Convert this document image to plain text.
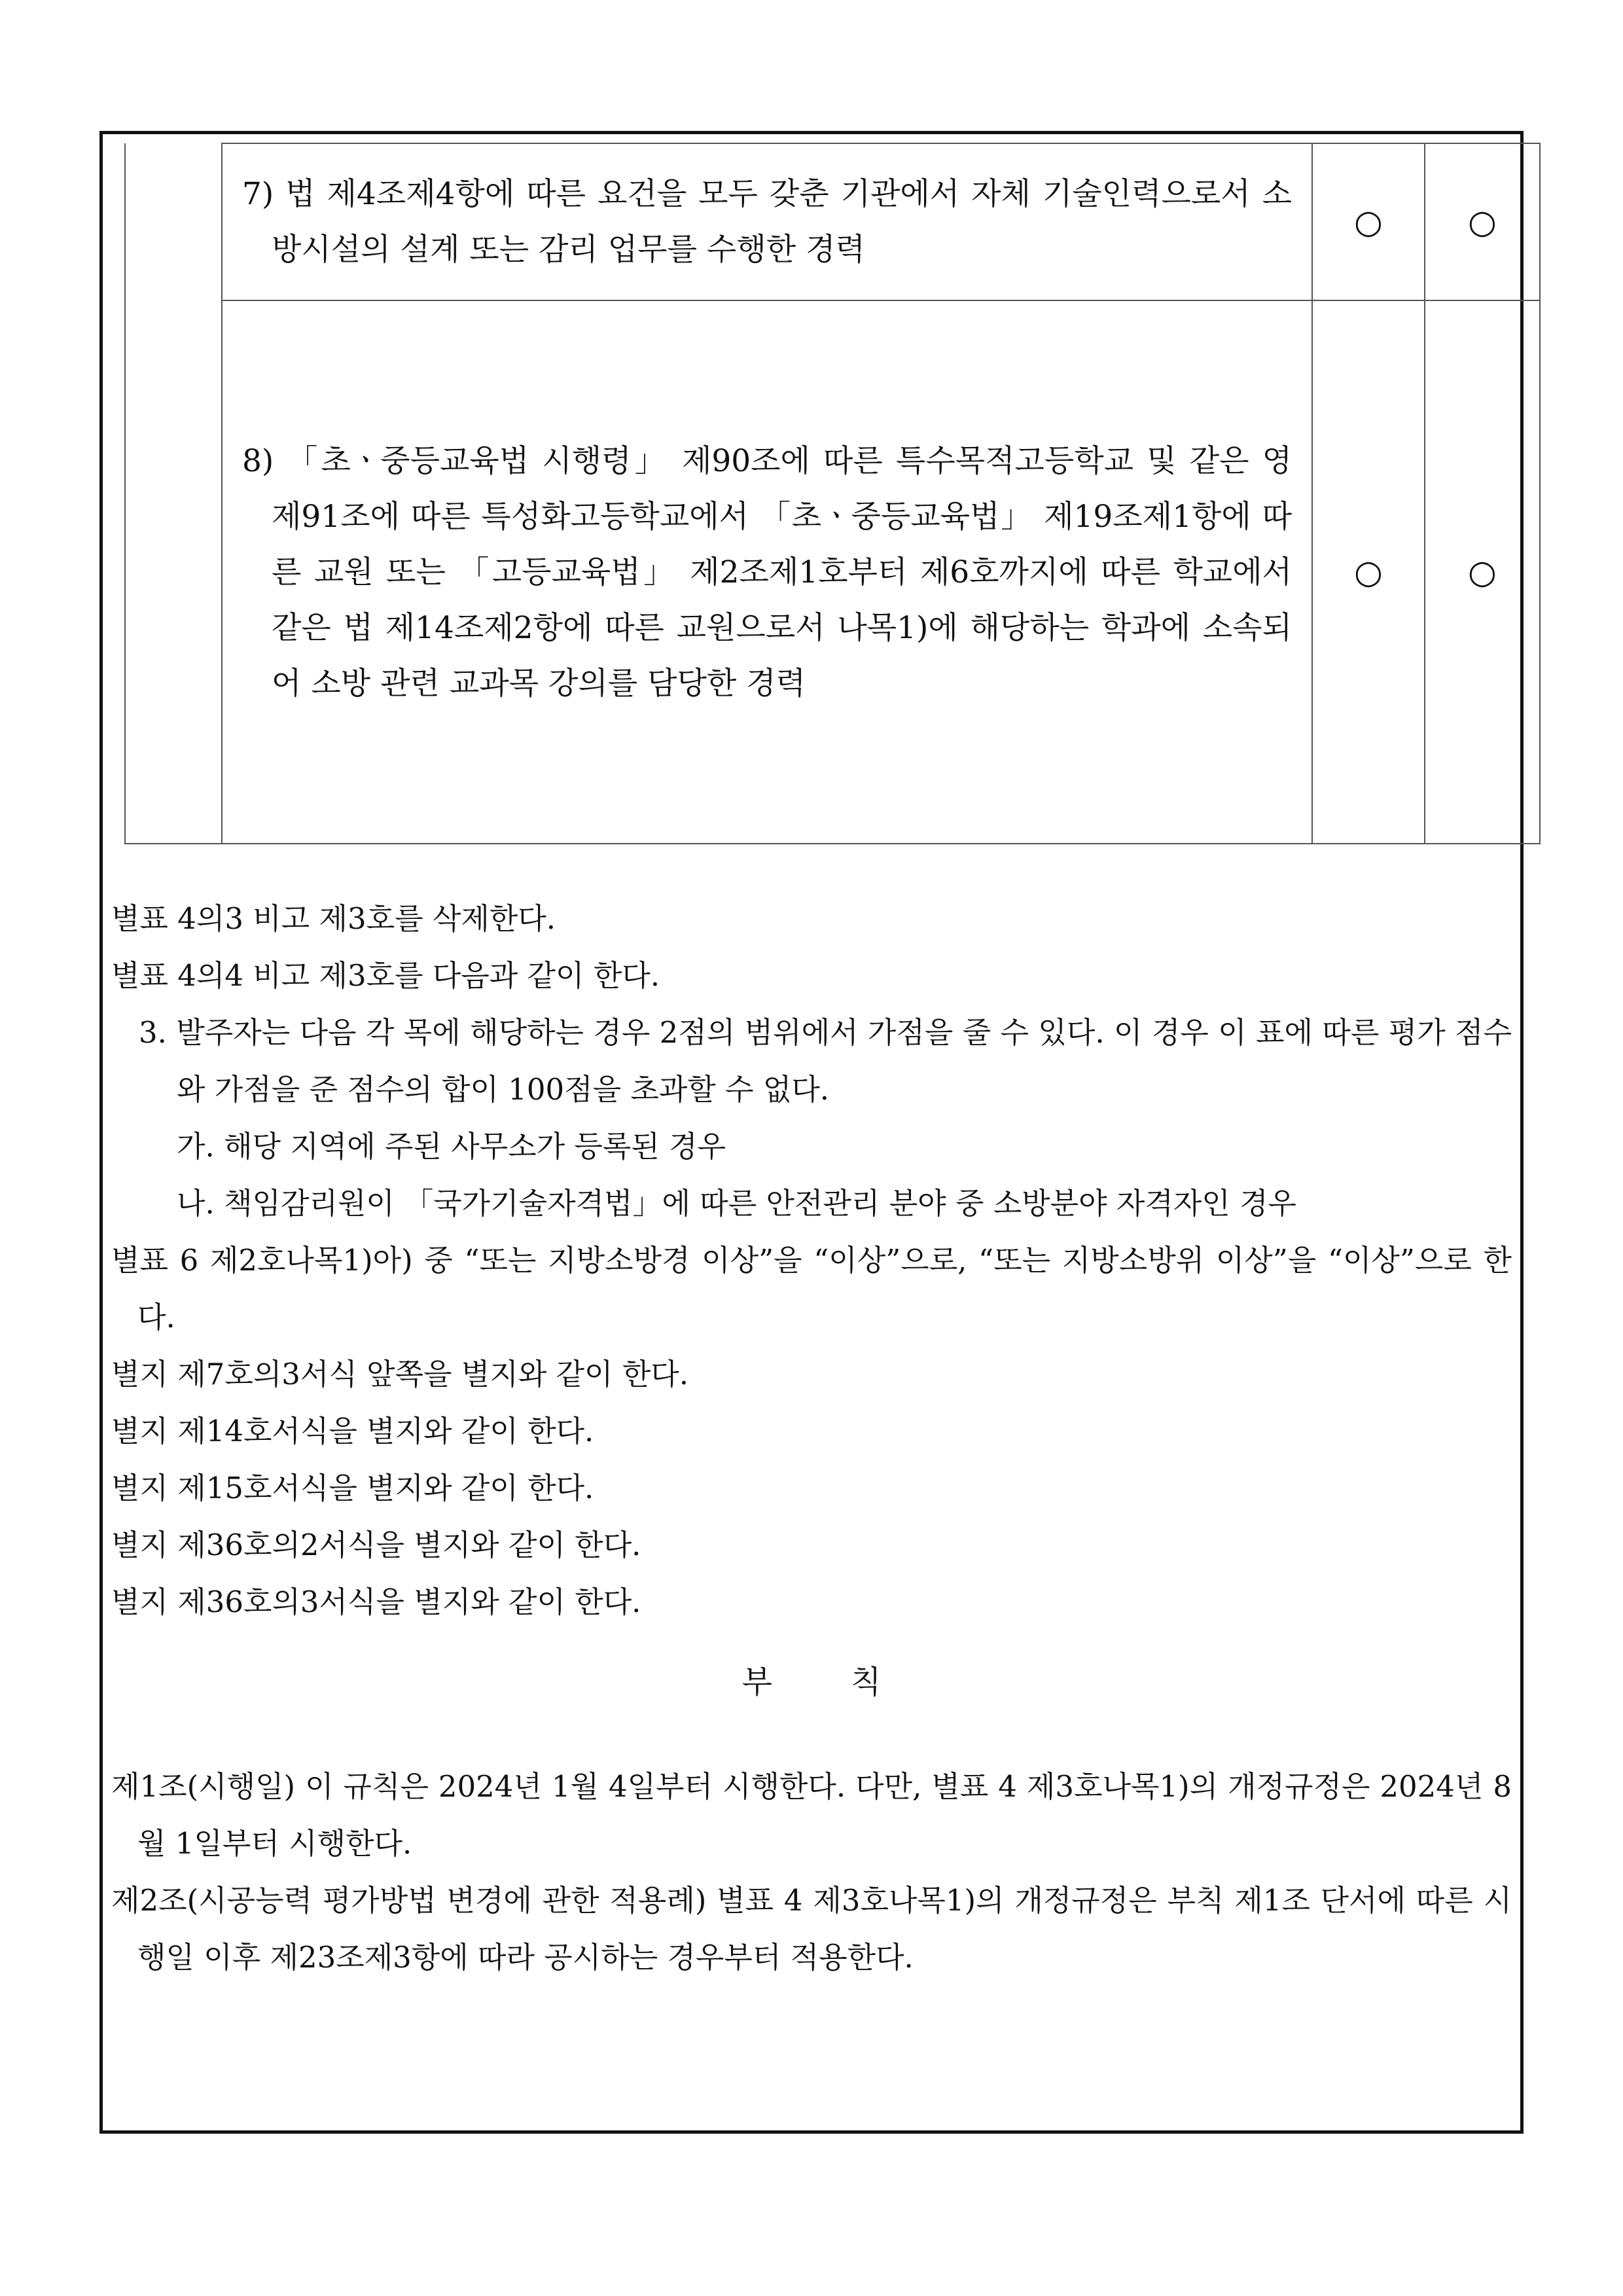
	7) 법 제4조제4항에 따른 요건을 모두 갖춘 기관에서 자체 기술인력으로서 소방시설의 설계 또는 감리 업무를 수행한 경력	○	○

	8) 「초ㆍ중등교육법 시행령」 제90조에 따른 특수목적고등학교 및 같은 영 제91조에 따른 특성화고등학교에서 「초ㆍ중등교육법」 제19조제1항에 따른 교원 또는 「고등교육법」 제2조제1호부터 제6호까지에 따른 학교에서 같은 법 제14조제2항에 따른 교원으로서 나목1)에 해당하는 학과에 소속되어 소방 관련 교과목 강의를 담당한 경력	○	○
별표 4의3 비고 제3호를 삭제한다.
별표 4의4 비고 제3호를 다음과 같이 한다.
3. 발주자는 다음 각 목에 해당하는 경우 2점의 범위에서 가점을 줄 수 있다. 이 경우 이 표에 따른 평가 점수와 가점을 준 점수의 합이 100점을 초과할 수 없다.
가. 해당 지역에 주된 사무소가 등록된 경우
나. 책임감리원이 「국가기술자격법」에 따른 안전관리 분야 중 소방분야 자격자인 경우
별표 6 제2호나목1)아) 중 “또는 지방소방경 이상”을 “이상”으로, “또는 지방소방위 이상”을 “이상”으로 한다.
별지 제7호의3서식 앞쪽을 별지와 같이 한다.
별지 제14호서식을 별지와 같이 한다.
별지 제15호서식을 별지와 같이 한다.
별지 제36호의2서식을 별지와 같이 한다.
별지 제36호의3서식을 별지와 같이 한다.
부칙
제1조(시행일) 이 규칙은 2024년 1월 4일부터 시행한다. 다만, 별표 4 제3호나목1)의 개정규정은 2024년 8월 1일부터 시행한다.
제2조(시공능력 평가방법 변경에 관한 적용례) 별표 4 제3호나목1)의 개정규정은 부칙 제1조 단서에 따른 시행일 이후 제23조제3항에 따라 공시하는 경우부터 적용한다.
